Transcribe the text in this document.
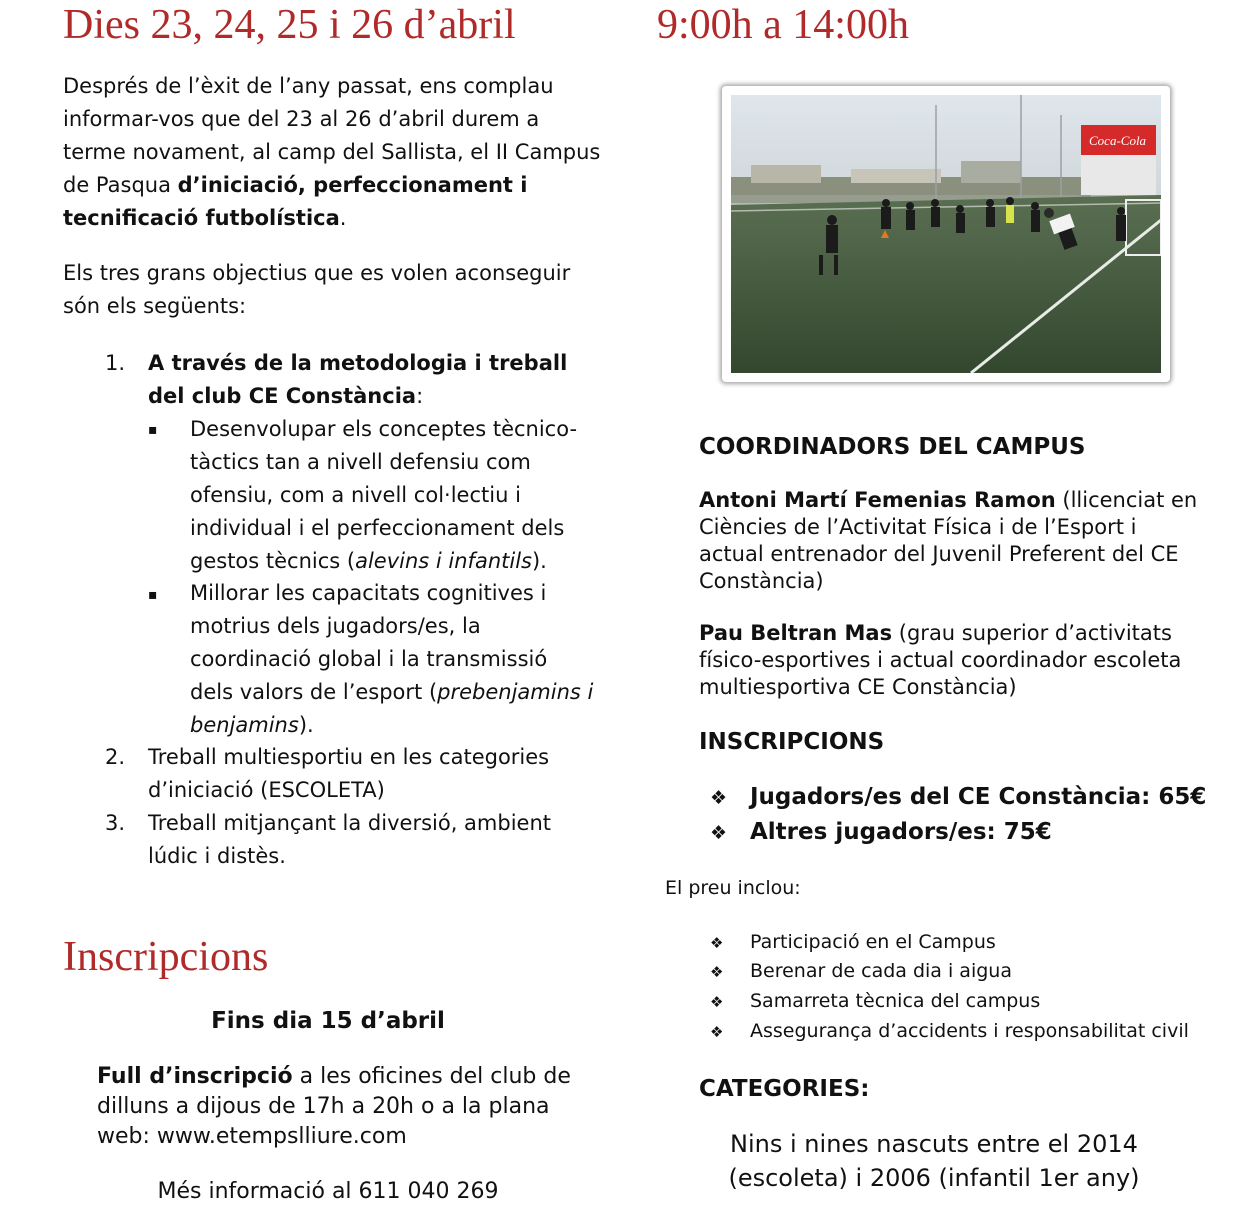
Dies 23, 24, 25 i 26 d’abril	9:00h a 14:00h

Després de l’èxit de l’any passat, ens complau informar-vos que del 23 al 26 d’abril durem a terme novament, al camp del Sallista, el II Campus de Pasqua d’iniciació, perfeccionament i tecnificació futbolística.

Els tres grans objectius que es volen aconseguir són els següents:

1.	A través de la metodologia i treball del club CE Constància:
▪	Desenvolupar els conceptes tècnico-tàctics tan a nivell defensiu com ofensiu, com a nivell col·lectiu i individual i el perfeccionament dels gestos tècnics (alevins i infantils).
▪	Millorar les capacitats cognitives i motrius dels jugadors/es, la coordinació global i la transmissió dels valors de l’esport (prebenjamins i benjamins).
2.	Treball multiesportiu en les categories d’iniciació (ESCOLETA)
3.	Treball mitjançant la diversió, ambient lúdic i distès.
Inscripcions
Fins dia 15 d’abril

Full d’inscripció a les oficines del club de dilluns a dijous de 17h a 20h o a la plana web: www.etempslliure.com

Més informació al 611 040 269
Coca-Cola
COORDINADORS DEL CAMPUS
Antoni Martí Femenias Ramon (llicenciat en Ciències de l’Activitat Física i de l’Esport i actual entrenador del Juvenil Preferent del CE Constància)
Pau Beltran Mas (grau superior d’activitats físico-esportives i actual coordinador escoleta multiesportiva CE Constància)
INSCRIPCIONS
❖ Jugadors/es del CE Constància: 65€
❖ Altres jugadors/es: 75€
El preu inclou:
❖ Participació en el Campus
❖ Berenar de cada dia i aigua
❖ Samarreta tècnica del campus
❖ Assegurança d’accidents i responsabilitat civil
CATEGORIES:
Nins i nines nascuts entre el 2014 (escoleta) i 2006 (infantil 1er any)
